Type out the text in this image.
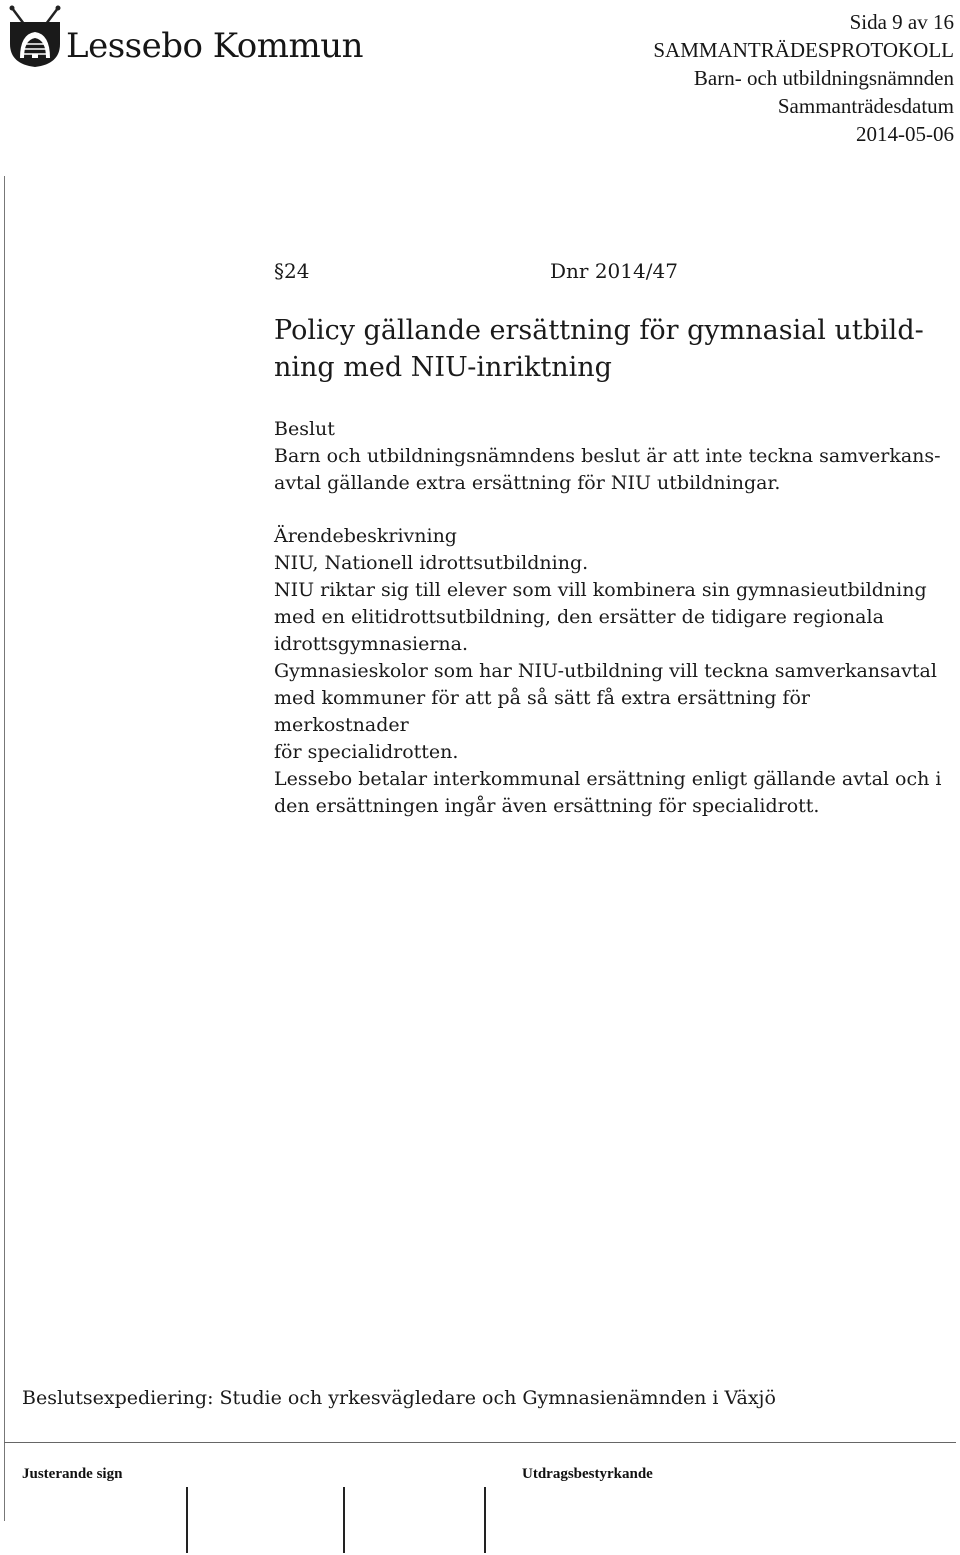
Lessebo Kommun
Sida 9 av 16
SAMMANTRÄDESPROTOKOLL
Barn- och utbildningsnämnden
Sammanträdesdatum
2014-05-06
§24	Dnr 2014/47
Policy gällande ersättning för gymnasial utbild-
ning med NIU-inriktning

Beslut

Barn och utbildningsnämndens beslut är att inte teckna samverkans-

avtal gällande extra ersättning för NIU utbildningar.

Ärendebeskrivning

NIU, Nationell idrottsutbildning.

NIU riktar sig till elever som vill kombinera sin gymnasieutbildning

med en elitidrottsutbildning, den ersätter de tidigare regionala

idrottsgymnasierna.

Gymnasieskolor som har NIU-utbildning vill teckna samverkansavtal

med kommuner för att på så sätt få extra ersättning för merkostnader

för specialidrotten.

Lessebo betalar interkommunal ersättning enligt gällande avtal och i

den ersättningen ingår även ersättning för specialidrott.

Beslutsexpediering: Studie och yrkesvägledare och Gymnasienämnden i Växjö
Justerande sign	Utdragsbestyrkande
